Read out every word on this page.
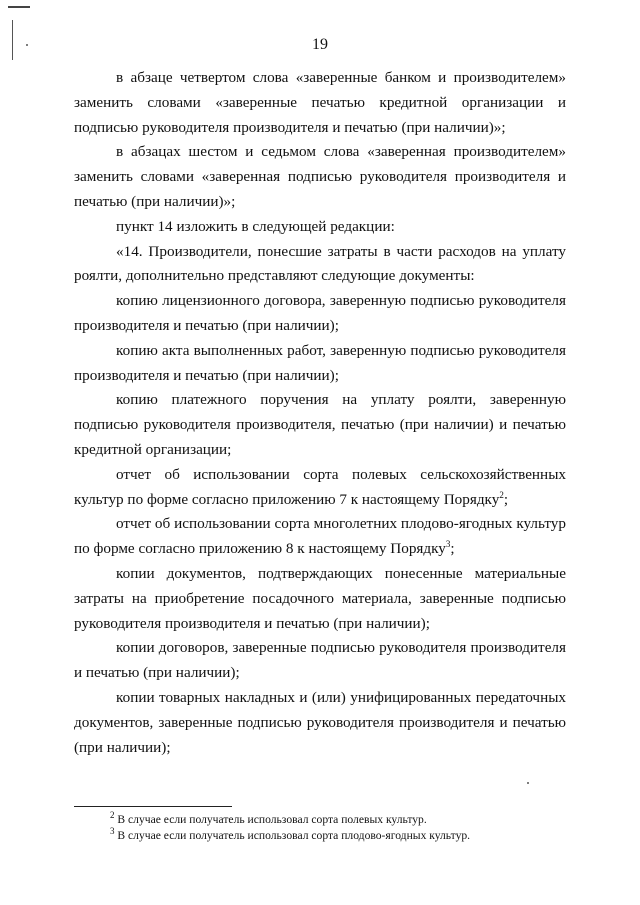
19

в абзаце четвертом слова «заверенные банком и производителем» заменить словами «заверенные печатью кредитной организации и подписью руководителя производителя и печатью (при наличии)»;

в абзацах шестом и седьмом слова «заверенная производителем» заменить словами «заверенная подписью руководителя производителя и печатью (при наличии)»;

пункт 14 изложить в следующей редакции:

«14. Производители, понесшие затраты в части расходов на уплату роялти, дополнительно представляют следующие документы:

копию лицензионного договора, заверенную подписью руководителя производителя и печатью (при наличии);

копию акта выполненных работ, заверенную подписью руководителя производителя и печатью (при наличии);

копию платежного поручения на уплату роялти, заверенную подписью руководителя производителя, печатью (при наличии) и печатью кредитной организации;

отчет об использовании сорта полевых сельскохозяйственных культур по форме согласно приложению 7 к настоящему Порядку$^2$;

отчет об использовании сорта многолетних плодово-ягодных культур по форме согласно приложению 8 к настоящему Порядку$^3$;

копии документов, подтверждающих понесенные материальные затраты на приобретение посадочного материала, заверенные подписью руководителя производителя и печатью (при наличии);

копии договоров, заверенные подписью руководителя производителя и печатью (при наличии);

копии товарных накладных и (или) унифицированных передаточных документов, заверенные подписью руководителя производителя и печатью (при наличии);

$^2$ В случае если получатель использовал сорта полевых культур.

$^3$ В случае если получатель использовал сорта плодово-ягодных культур.
